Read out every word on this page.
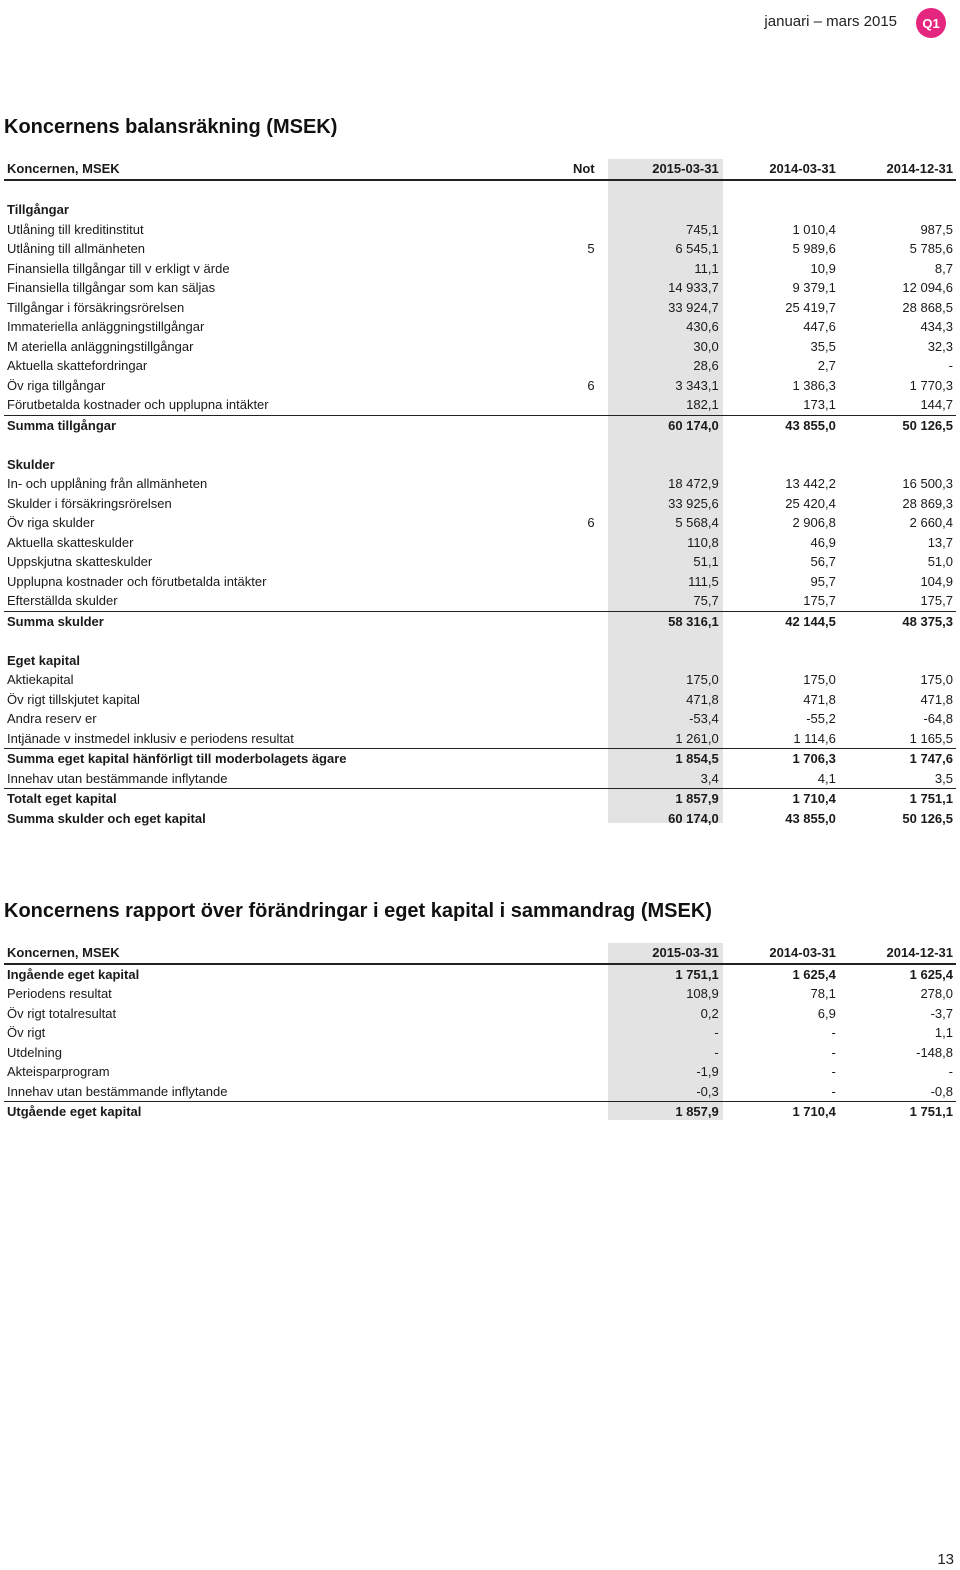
januari – mars 2015	Q1
Koncernens balansräkning (MSEK)
Koncernen, MSEK	Not	2015-03-31	2014-03-31	2014-12-31

Tillgångar				
Utlåning till kreditinstitut		745,1	1 010,4	987,5
Utlåning till allmänheten	5	6 545,1	5 989,6	5 785,6
Finansiella tillgångar till v erkligt v ärde		11,1	10,9	8,7
Finansiella tillgångar som kan säljas		14 933,7	9 379,1	12 094,6
Tillgångar i försäkringsrörelsen		33 924,7	25 419,7	28 868,5
Immateriella anläggningstillgångar		430,6	447,6	434,3
M ateriella anläggningstillgångar		30,0	35,5	32,3
Aktuella skattefordringar		28,6	2,7	-
Öv riga tillgångar	6	3 343,1	1 386,3	1 770,3
Förutbetalda kostnader och upplupna intäkter		182,1	173,1	144,7
Summa tillgångar		60 174,0	43 855,0	50 126,5

Skulder				
In- och upplåning från allmänheten		18 472,9	13 442,2	16 500,3
Skulder i försäkringsrörelsen		33 925,6	25 420,4	28 869,3
Öv riga skulder	6	5 568,4	2 906,8	2 660,4
Aktuella skatteskulder		110,8	46,9	13,7
Uppskjutna skatteskulder		51,1	56,7	51,0
Upplupna kostnader och förutbetalda intäkter		111,5	95,7	104,9
Efterställda skulder		75,7	175,7	175,7
Summa skulder		58 316,1	42 144,5	48 375,3

Eget kapital				
Aktiekapital		175,0	175,0	175,0
Öv rigt tillskjutet kapital		471,8	471,8	471,8
Andra reserv er		-53,4	-55,2	-64,8
Intjänade v instmedel inklusiv e periodens resultat		1 261,0	1 114,6	1 165,5
Summa eget kapital hänförligt till moderbolagets ägare		1 854,5	1 706,3	1 747,6
Innehav utan bestämmande inflytande		3,4	4,1	3,5
Totalt eget kapital		1 857,9	1 710,4	1 751,1
Summa skulder och eget kapital		60 174,0	43 855,0	50 126,5
Koncernens rapport över förändringar i eget kapital i sammandrag (MSEK)
Koncernen, MSEK	2015-03-31	2014-03-31	2014-12-31
Ingående eget kapital	1 751,1	1 625,4	1 625,4
Periodens resultat	108,9	78,1	278,0
Öv rigt totalresultat	0,2	6,9	-3,7
Öv rigt	-	-	1,1
Utdelning	-	-	-148,8
Akteisparprogram	-1,9	-	-
Innehav utan bestämmande inflytande	-0,3	-	-0,8
Utgående eget kapital	1 857,9	1 710,4	1 751,1
13
